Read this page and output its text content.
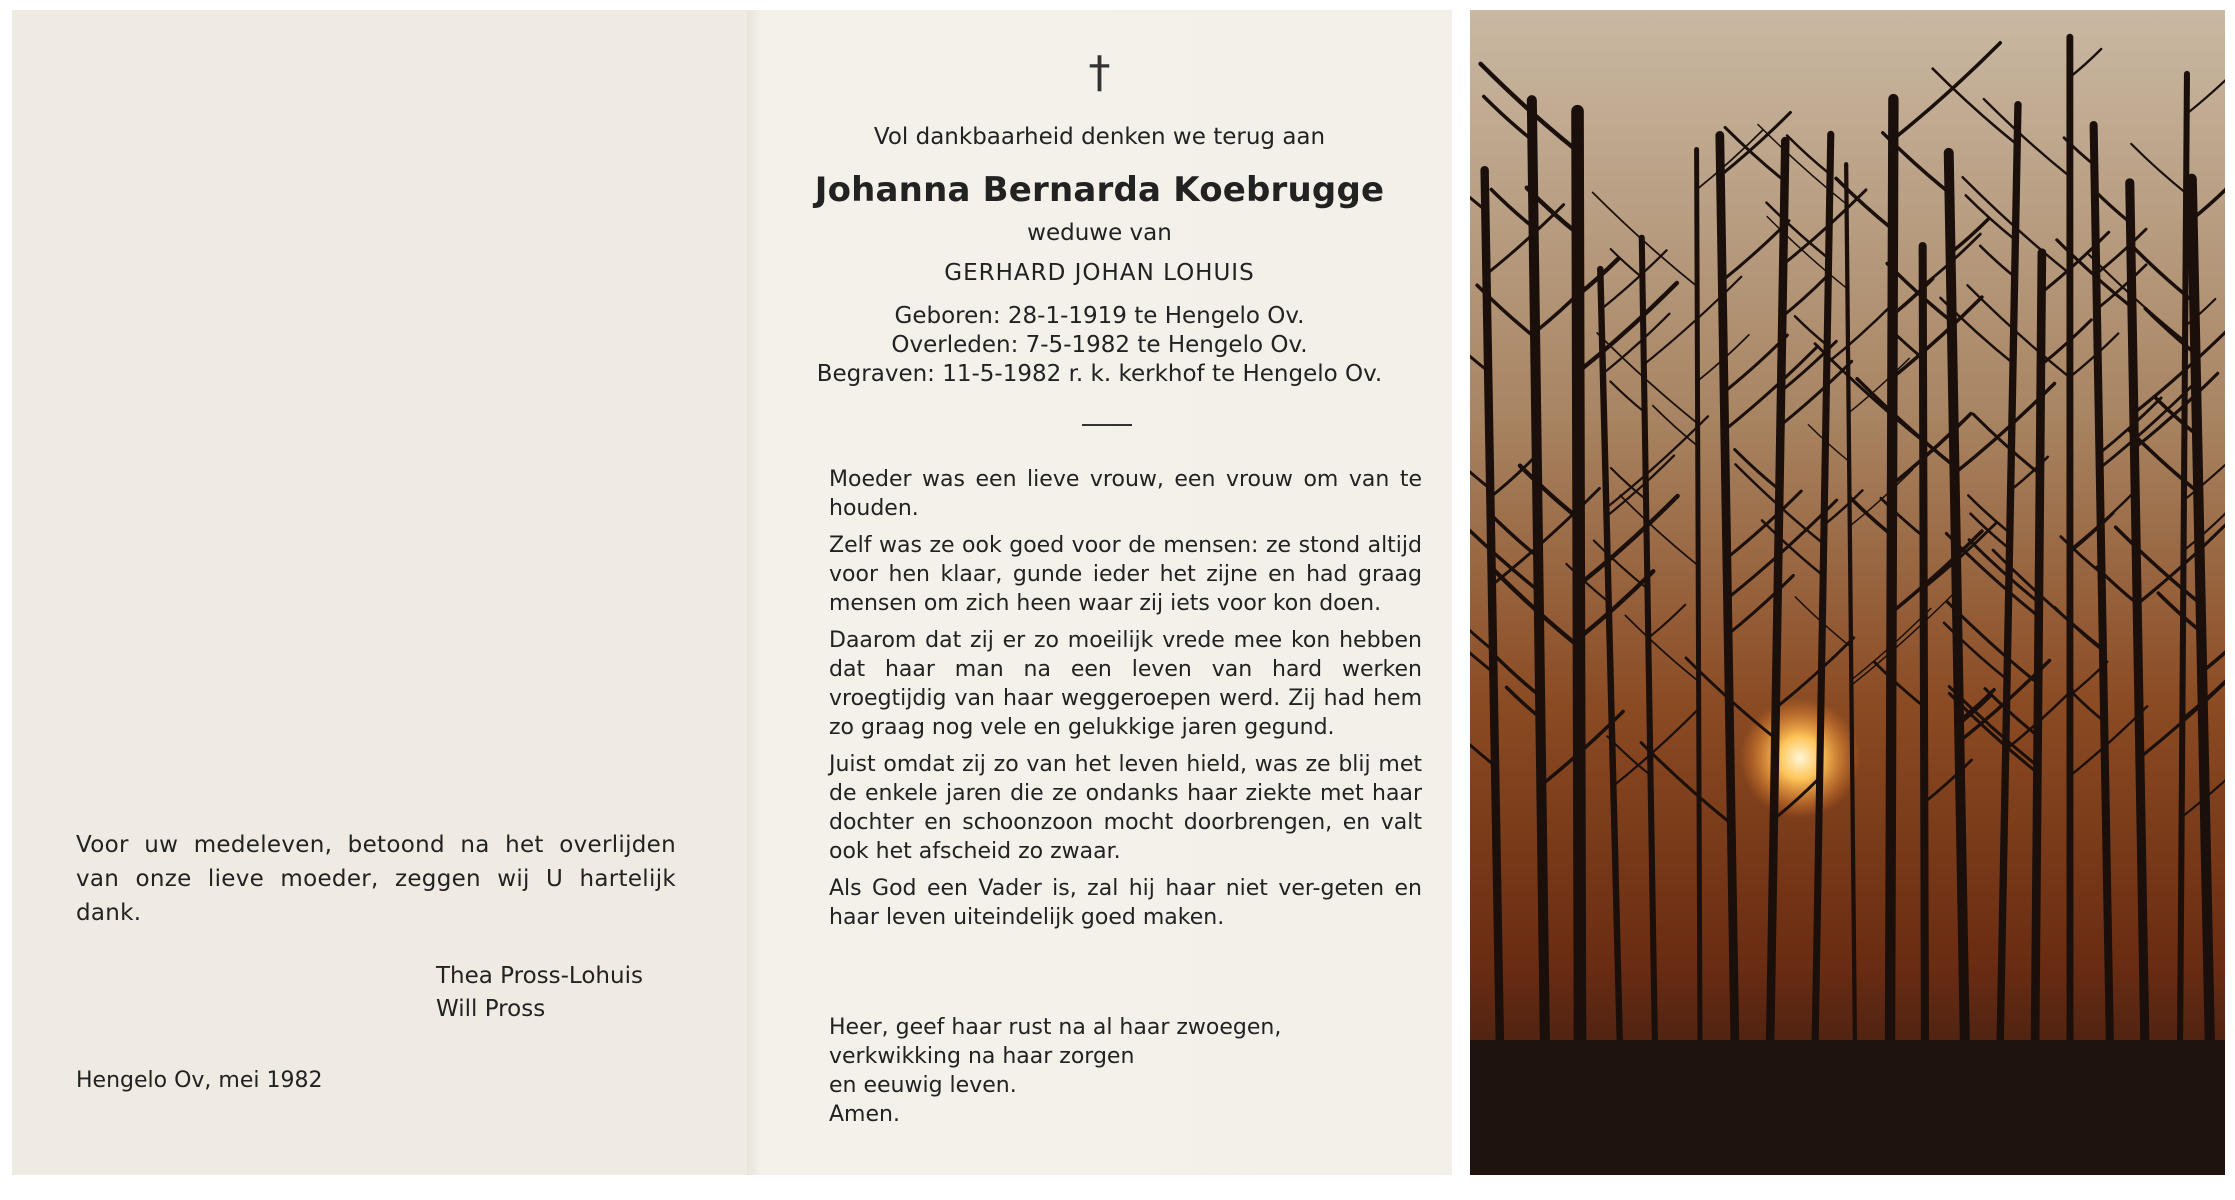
Voor uw medeleven, betoond na het overlijden van onze lieve moeder, zeggen wij U hartelijk dank.
Thea Pross-Lohuis
Will Pross
Hengelo Ov, mei 1982
†
Vol dankbaarheid denken we terug aan
Johanna Bernarda Koebrugge
weduwe van
GERHARD JOHAN LOHUIS
Geboren: 28-1-1919 te Hengelo Ov.
Overleden: 7-5-1982 te Hengelo Ov.
Begraven: 11-5-1982 r. k. kerkhof te Hengelo Ov.

Moeder was een lieve vrouw, een vrouw om van te houden.

Zelf was ze ook goed voor de mensen: ze stond altijd voor hen klaar, gunde ieder het zijne en had graag mensen om zich heen waar zij iets voor kon doen.

Daarom dat zij er zo moeilijk vrede mee kon hebben dat haar man na een leven van hard werken vroegtijdig van haar weggeroepen werd. Zij had hem zo graag nog vele en gelukkige jaren gegund.

Juist omdat zij zo van het leven hield, was ze blij met de enkele jaren die ze ondanks haar ziekte met haar dochter en schoonzoon mocht doorbrengen, en valt ook het afscheid zo zwaar.

Als God een Vader is, zal hij haar niet ver-geten en haar leven uiteindelijk goed maken.

Heer, geef haar rust na al haar zwoegen,
verkwikking na haar zorgen
en eeuwig leven.
Amen.
